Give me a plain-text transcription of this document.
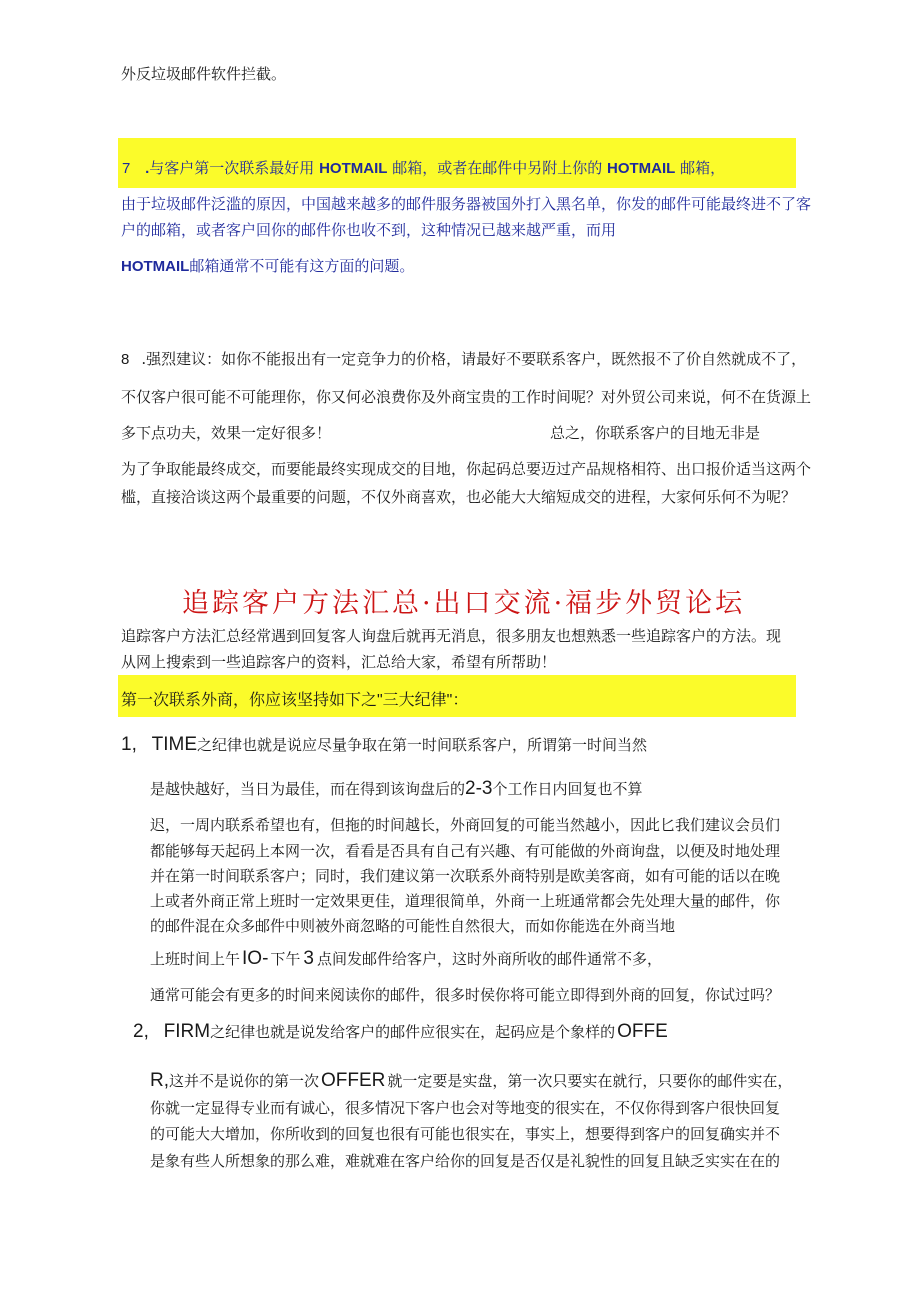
外反垃圾邮件软件拦截。
7 .与客户第一次联系最好用 HOTMAIL 邮箱，或者在邮件中另附上你的 HOTMAIL 邮箱，
由于垃圾邮件泛滥的原因，中国越来越多的邮件服务器被国外打入黑名单，你发的邮件可能最终进不了客
户的邮箱，或者客户回你的邮件你也收不到，这种情况已越来越严重，而用
HOTMAIL邮箱通常不可能有这方面的问题。
8 .强烈建议：如你不能报出有一定竞争力的价格，请最好不要联系客户，既然报不了价自然就成不了，
不仅客户很可能不可能理你，你又何必浪费你及外商宝贵的工作时间呢？对外贸公司来说，何不在货源上
多下点功夫，效果一定好很多！	总之，你联系客户的目地无非是
为了争取能最终成交，而要能最终实现成交的目地，你起码总要迈过产品规格相符、出口报价适当这两个
槛，直接洽谈这两个最重要的问题，不仅外商喜欢，也必能大大缩短成交的进程，大家何乐何不为呢？
追踪客户方法汇总·出口交流·福步外贸论坛
追踪客户方法汇总经常遇到回复客人询盘后就再无消息，很多朋友也想熟悉一些追踪客户的方法。现
从网上搜索到一些追踪客户的资料，汇总给大家，希望有所帮助！
第一次联系外商，你应该坚持如下之"三大纪律"：
1, TIME之纪律也就是说应尽量争取在第一时间联系客户，所谓第一时间当然
是越快越好，当日为最佳，而在得到该询盘后的2-3个工作日内回复也不算
迟，一周内联系希望也有，但拖的时间越长，外商回复的可能当然越小，因此匕我们建议会员们
都能够每天起码上本网一次，看看是否具有自己有兴趣、有可能做的外商询盘，以便及时地处理
并在第一时间联系客户；同时，我们建议第一次联系外商特别是欧美客商，如有可能的话以在晚
上或者外商正常上班时一定效果更佳，道理很简单，外商一上班通常都会先处理大量的邮件，你
的邮件混在众多邮件中则被外商忽略的可能性自然很大，而如你能选在外商当地
上班时间上午 IO- 下午 3 点间发邮件给客户，这时外商所收的邮件通常不多，
通常可能会有更多的时间来阅读你的邮件，很多时侯你将可能立即得到外商的回复，你试过吗？
2, FIRM之纪律也就是说发给客户的邮件应很实在，起码应是个象样的 OFFE
R,这并不是说你的第一次 OFFER 就一定要是实盘，第一次只要实在就行，只要你的邮件实在，
你就一定显得专业而有诚心，很多情况下客户也会对等地变的很实在，不仅你得到客户很快回复
的可能大大增加，你所收到的回复也很有可能也很实在，事实上，想要得到客户的回复确实并不
是象有些人所想象的那么难，难就难在客户给你的回复是否仅是礼貌性的回复且缺乏实实在在的
